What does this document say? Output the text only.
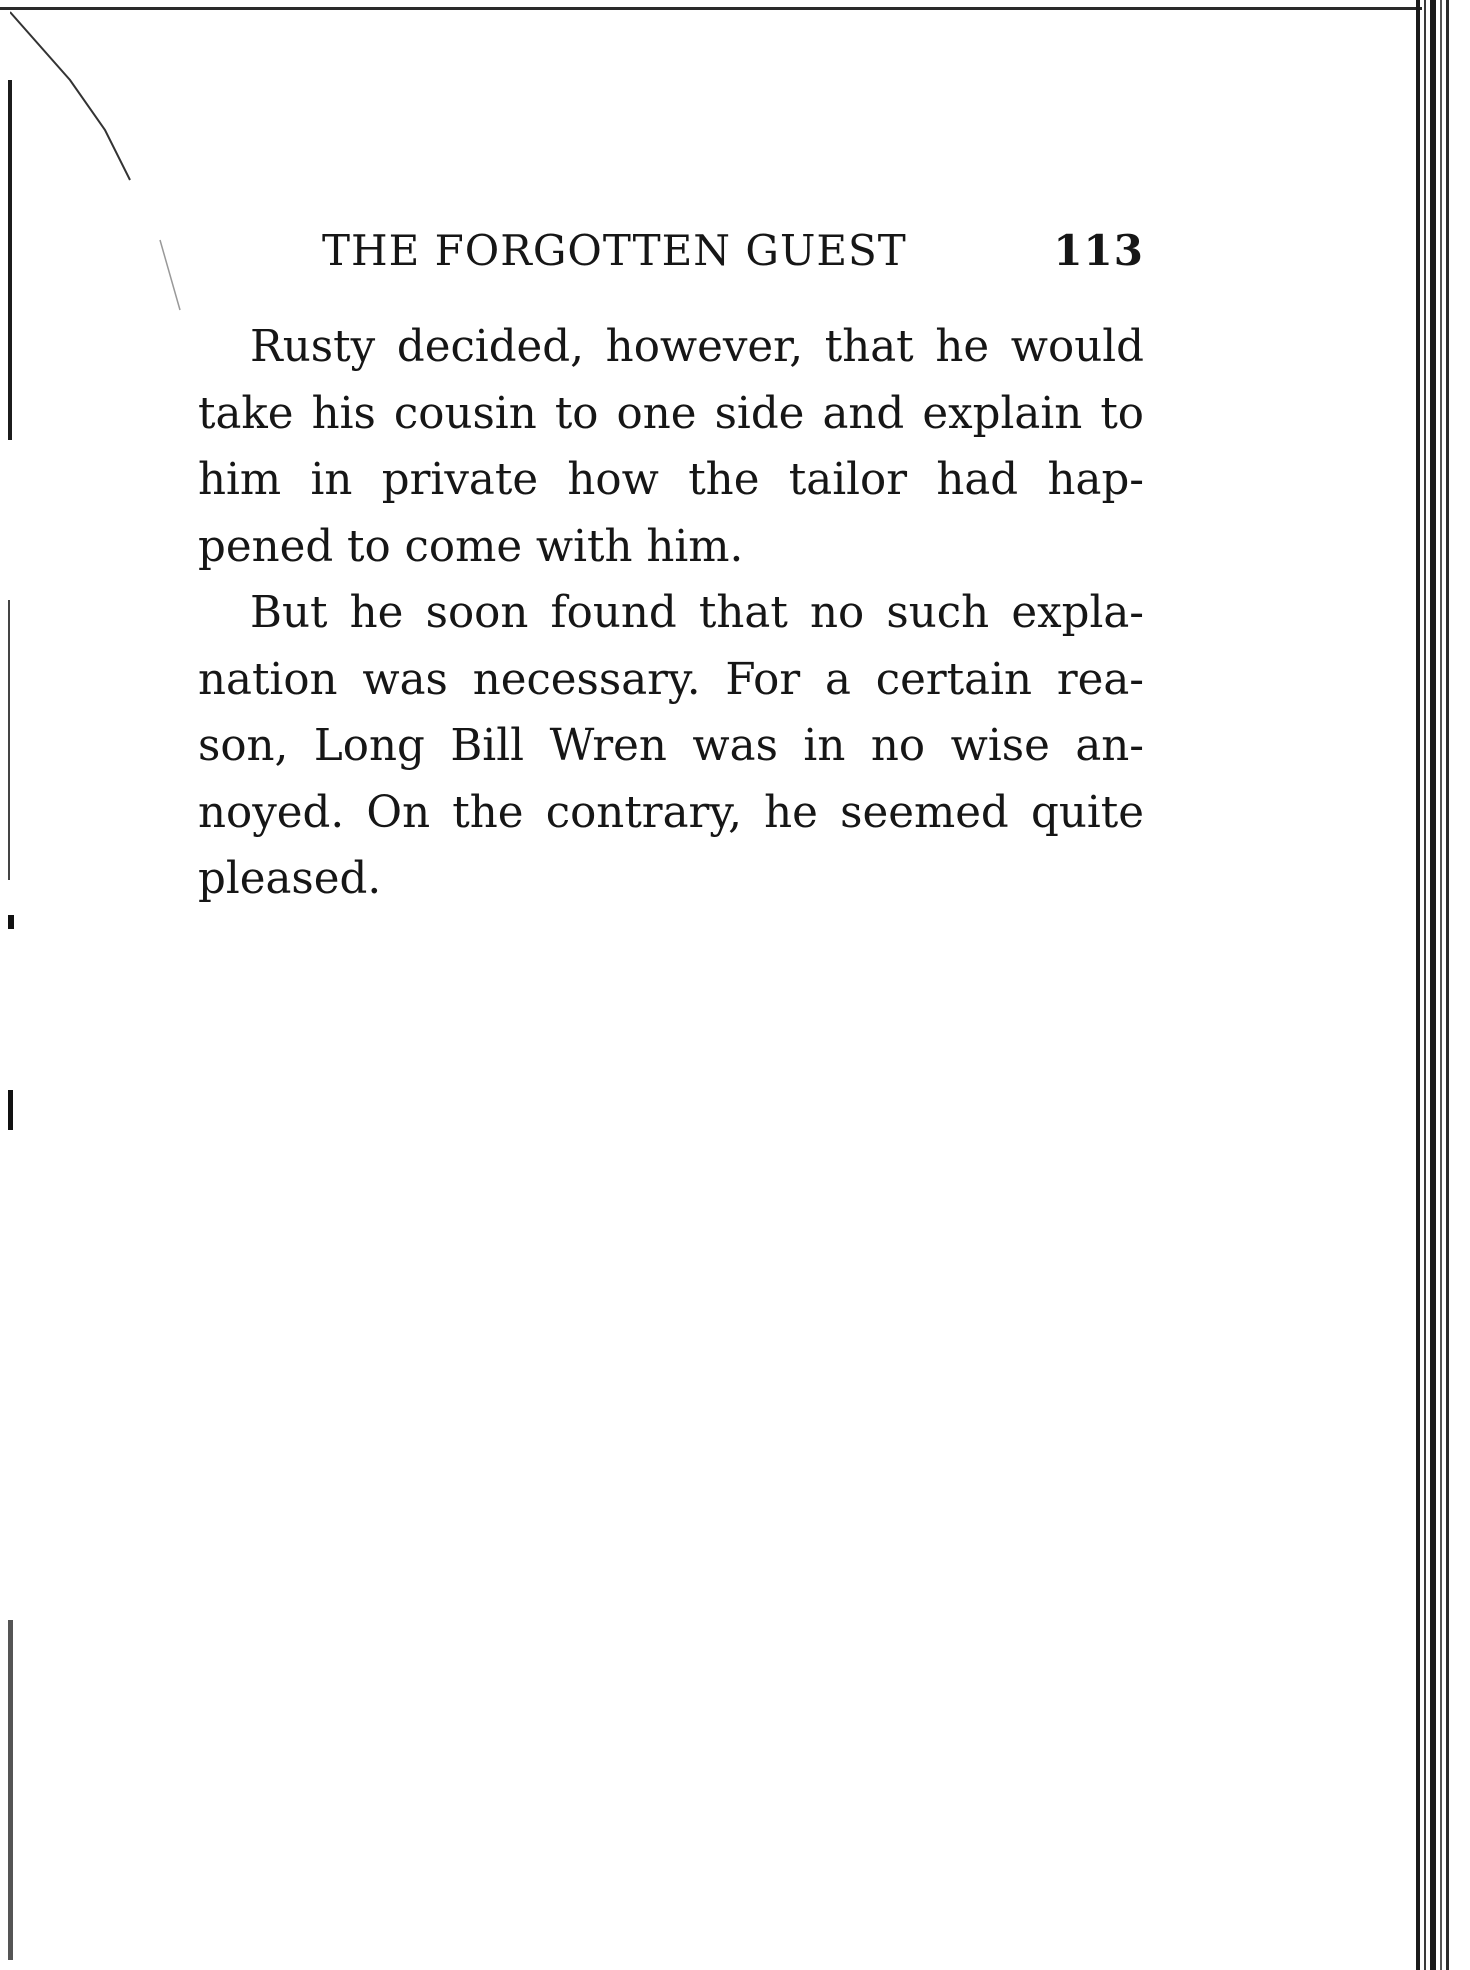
THE FORGOTTEN GUEST	113

Rusty decided, however, that he would take his cousin to one side and explain to him in private how the tailor had happened to come with him.

But he soon found that no such explanation was necessary. For a certain reason, Long Bill Wren was in no wise annoyed. On the contrary, he seemed quite pleased.
